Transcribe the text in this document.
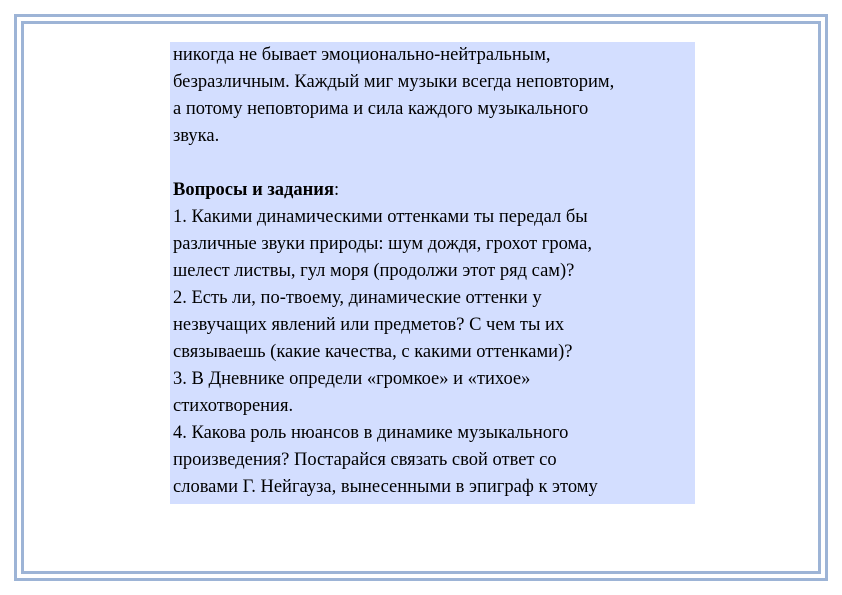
никогда не бывает эмоционально-нейтральным,
безразличным. Каждый миг музыки всегда неповторим,
а потому неповторима и сила каждого музыкального
звука.
Вопросы и задания:
1. Какими динамическими оттенками ты передал бы
различные звуки природы: шум дождя, грохот грома,
шелест листвы, гул моря (продолжи этот ряд сам)?
2. Есть ли, по-твоему, динамические оттенки у
незвучащих явлений или предметов? С чем ты их
связываешь (какие качества, с какими оттенками)?
3. В Дневнике определи «громкое» и «тихое»
стихотворения.
4. Какова роль нюансов в динамике музыкального
произведения? Постарайся связать свой ответ со
словами Г. Нейгауза, вынесенными в эпиграф к этому
